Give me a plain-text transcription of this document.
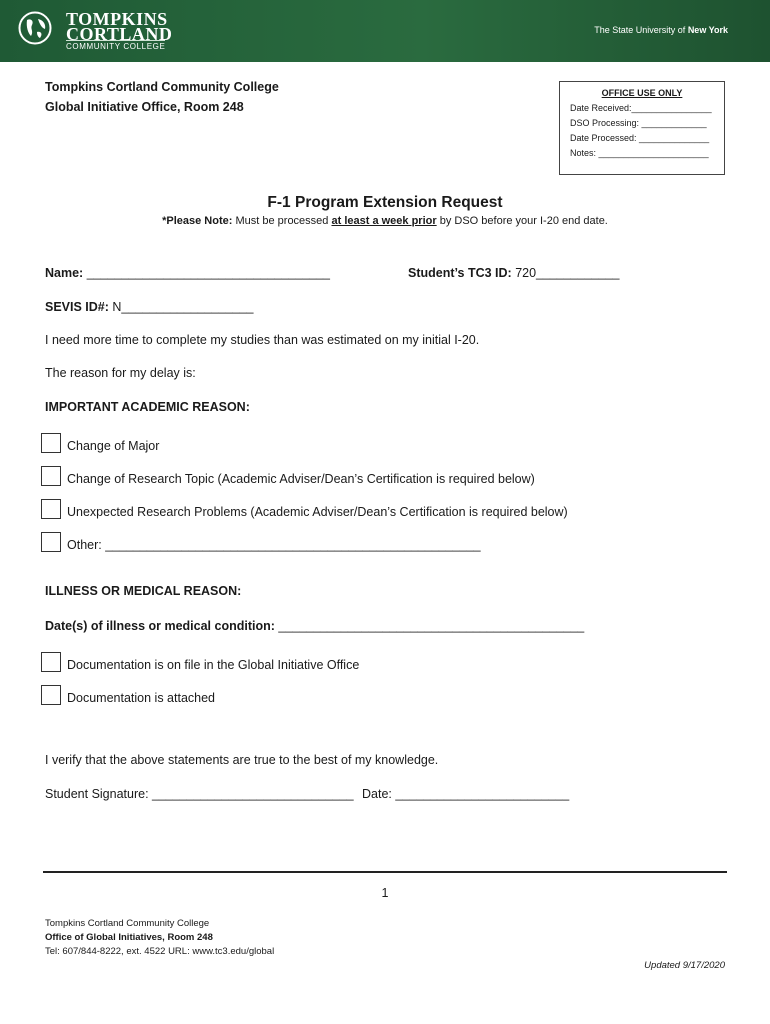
TOMPKINS
CORTLAND
COMMUNITY COLLEGE
The State University of New York
Tompkins Cortland Community College
Global Initiative Office, Room 248
OFFICE USE ONLY
Date Received:________________
DSO Processing: _____________
Date Processed: ______________
Notes: ______________________
F-1 Program Extension Request
*Please Note: Must be processed at least a week prior by DSO before your I-20 end date.
Name: ___________________________________	Student’s TC3 ID: 720____________
SEVIS ID#: N___________________
I need more time to complete my studies than was estimated on my initial I-20.
The reason for my delay is:
IMPORTANT ACADEMIC REASON:
Change of Major
Change of Research Topic (Academic Adviser/Dean’s Certification is required below)
Unexpected Research Problems (Academic Adviser/Dean’s Certification is required below)
Other: ______________________________________________________
ILLNESS OR MEDICAL REASON:
Date(s) of illness or medical condition: ____________________________________________
Documentation is on file in the Global Initiative Office
Documentation is attached
I verify that the above statements are true to the best of my knowledge.
Student Signature: _____________________________ Date: _________________________
1
Tompkins Cortland Community College
Office of Global Initiatives, Room 248
Tel: 607/844-8222, ext. 4522 URL: www.tc3.edu/global
Updated 9/17/2020
